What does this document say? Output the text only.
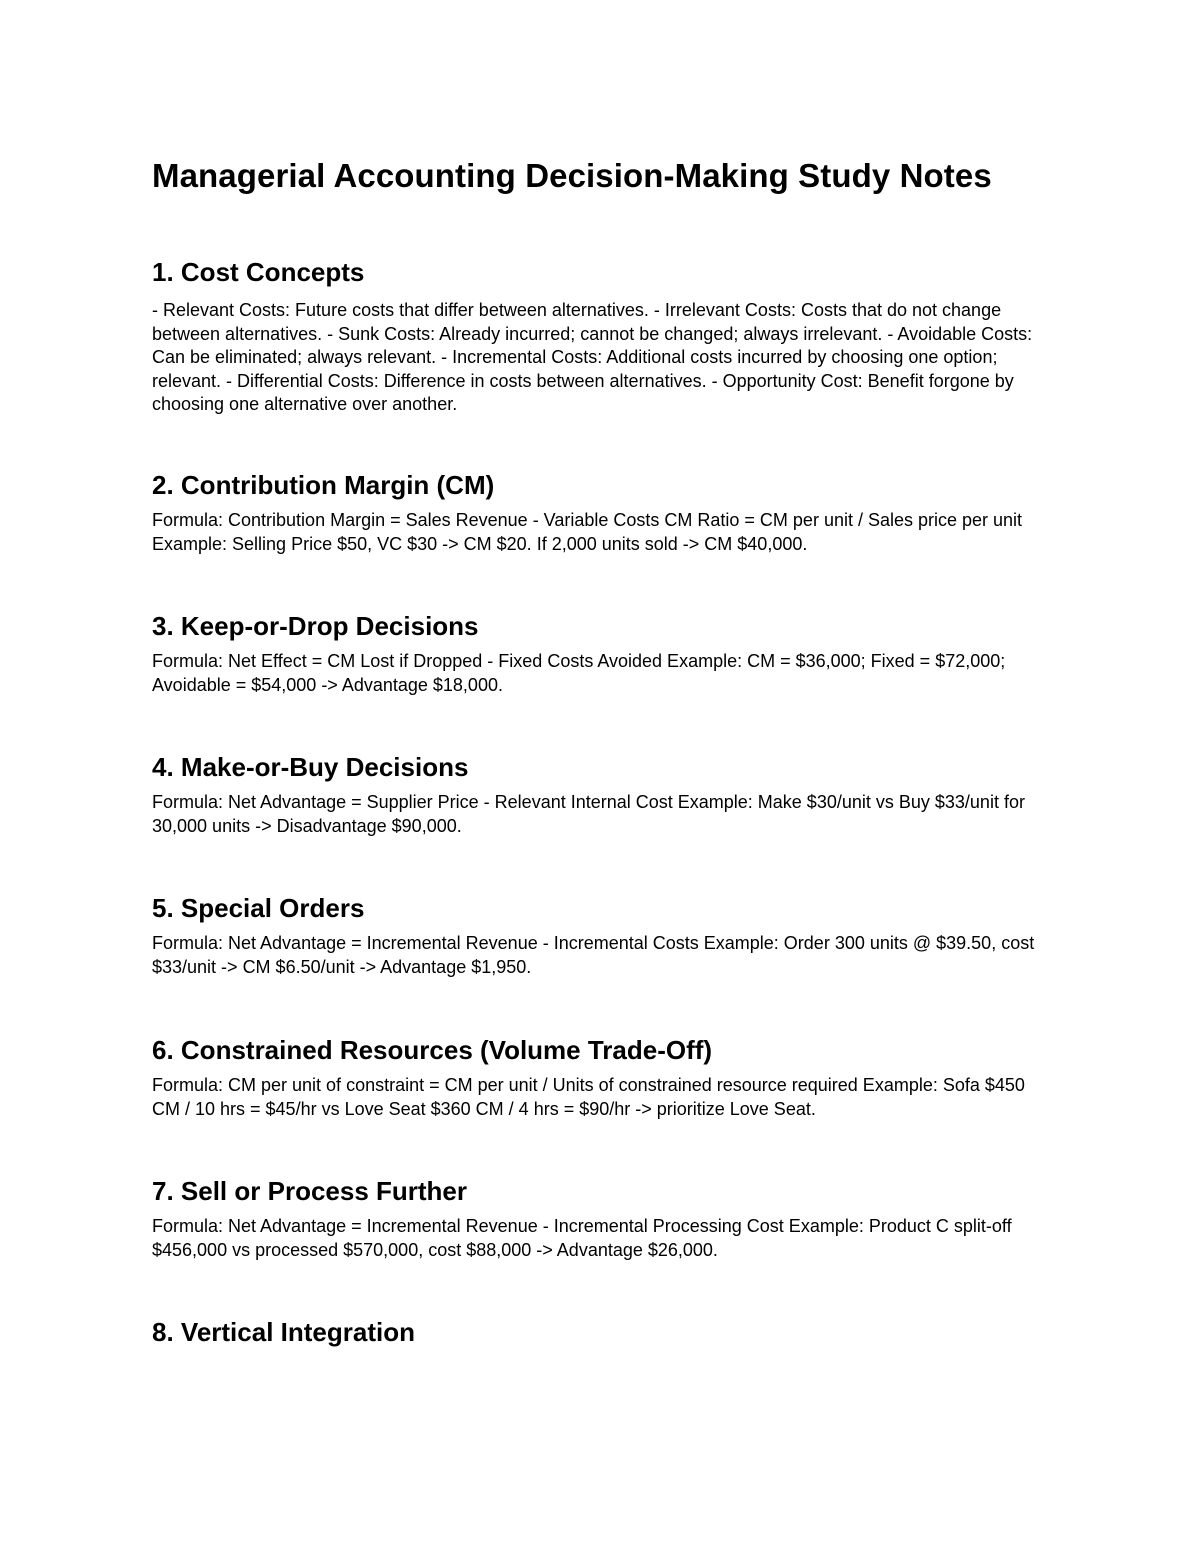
Managerial Accounting Decision-Making Study Notes
1. Cost Concepts

- Relevant Costs: Future costs that differ between alternatives. - Irrelevant Costs: Costs that do not change between alternatives. - Sunk Costs: Already incurred; cannot be changed; always irrelevant. - Avoidable Costs: Can be eliminated; always relevant. - Incremental Costs: Additional costs incurred by choosing one option; relevant. - Differential Costs: Difference in costs between alternatives. - Opportunity Cost: Benefit forgone by choosing one alternative over another.

2. Contribution Margin (CM)

Formula: Contribution Margin = Sales Revenue - Variable Costs CM Ratio = CM per unit / Sales price per unit Example: Selling Price $50, VC $30 -> CM $20. If 2,000 units sold -> CM $40,000.

3. Keep-or-Drop Decisions

Formula: Net Effect = CM Lost if Dropped - Fixed Costs Avoided Example: CM = $36,000; Fixed = $72,000; Avoidable = $54,000 -> Advantage $18,000.

4. Make-or-Buy Decisions

Formula: Net Advantage = Supplier Price - Relevant Internal Cost Example: Make $30/unit vs Buy $33/unit for 30,000 units -> Disadvantage $90,000.

5. Special Orders

Formula: Net Advantage = Incremental Revenue - Incremental Costs Example: Order 300 units @ $39.50, cost $33/unit -> CM $6.50/unit -> Advantage $1,950.

6. Constrained Resources (Volume Trade-Off)

Formula: CM per unit of constraint = CM per unit / Units of constrained resource required Example: Sofa $450 CM / 10 hrs = $45/hr vs Love Seat $360 CM / 4 hrs = $90/hr -> prioritize Love Seat.

7. Sell or Process Further

Formula: Net Advantage = Incremental Revenue - Incremental Processing Cost Example: Product C split-off $456,000 vs processed $570,000, cost $88,000 -> Advantage $26,000.

8. Vertical Integration
